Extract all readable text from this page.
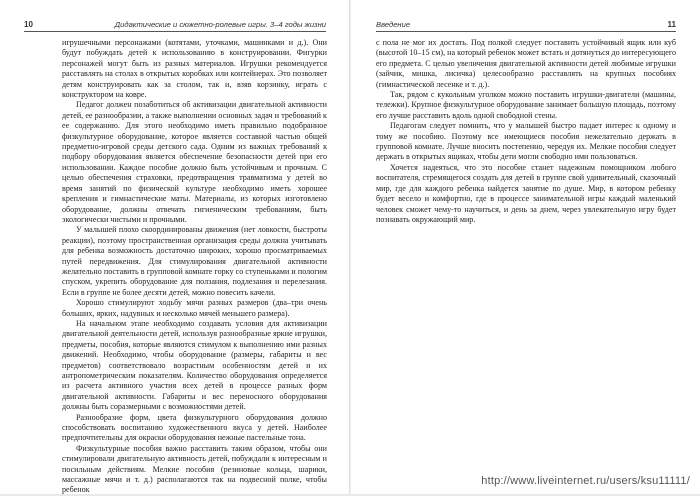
10	Дидактические и сюжетно-ролевые игры. 3–4 годы жизни

игрушечными персонажами (котятами, уточками, машинками и д.). Они будут побуждать детей к использованию в конструировании. Фигурки персонажей могут быть из разных материалов. Игрушки рекомендуется расставлять на столах в открытых коробках или контейнерах. Это позволяет детям конструировать как за столом, так и, взяв корзинку, играть с конструктором на ковре.

Педагог должен позаботиться об активизации двигательной активности детей, ее разнообразии, а также выполнении основных задач и требований к ее содержанию. Для этого необходимо иметь правильно подобранное физкультурное оборудование, которое является составной частью общей предметно-игровой среды детского сада. Одним из важных требований к подбору оборудования является обеспечение безопасности детей при его использовании. Каждое пособие должно быть устойчивым и прочным. С целью обеспечения страховки, предотвращения травматизма у детей во время занятий по физической культуре необходимо иметь хорошее крепления и гимнастические маты. Материалы, из которых изготовлено оборудование, должны отвечать гигиеническим требованиям, быть экологически чистыми и прочными.

У малышей плохо скоординированы движения (нет ловкости, быстроты реакции), поэтому пространственная организация среды должна учитывать для ребенка возможность достаточно широких, хорошо просматриваемых путей передвижения. Для стимулирования двигательной активности желательно поставить в групповой комнате горку со ступеньками и пологим спуском, укрепить оборудование для ползания, подлезания и перелезания. Если в группе не более десяти детей, можно повесить качели.

Хорошо стимулируют ходьбу мячи разных размеров (два–три очень больших, ярких, надувных и несколько мячей меньшего размера).

На начальном этапе необходимо создавать условия для активизации двигательной деятельности детей, используя разнообразные яркие игрушки, предметы, пособия, которые являются стимулом к выполнению ими разных движений. Необходимо, чтобы оборудование (размеры, габариты и вес предметов) соответствовало возрастным особенностям детей и их антропометрическим показателям. Количество оборудования определяется из расчета активного участия всех детей в процессе разных форм двигательной активности. Габариты и вес переносного оборудования должны быть соразмерными с возможностями детей.

Разнообразие форм, цвета физкультурного оборудования должно способствовать воспитанию художественного вкуса у детей. Наиболее предпочтительны для окраски оборудования нежные пастельные тона.

Физкультурные пособия важно расставить таким образом, чтобы они стимулировали двигательную активность детей, побуждали к интересным и посильным действиям. Мелкие пособия (резиновые кольца, шарики, массажные мячи и т. д.) располагаются так на подвесной полке, чтобы ребенок

Введение	11

с пола не мог их достать. Под полкой следует поставить устойчивый ящик или куб (высотой 10–15 см), на который ребенок может встать и дотянуться до интересующего его предмета. С целью увеличения двигательной активности детей любимые игрушки (зайчик, мишка, лисичка) целесообразно расставлять на крупных пособиях (гимнастической лесенке и т. д.).

Так, рядом с кукольным уголком можно поставить игрушки-двигатели (машины, тележки). Крупное физкультурное оборудование занимает большую площадь, поэтому его лучше расставить вдоль одной свободной стены.

Педагогам следует помнить, что у малышей быстро падает интерес к одному и тому же пособию. Поэтому все имеющиеся пособия нежелательно держать в групповой комнате. Лучше вносить постепенно, чередуя их. Мелкие пособия следует держать в открытых ящиках, чтобы дети могли свободно ими пользоваться.

Хочется надеяться, что это пособие станет надежным помощником любого воспитателя, стремящегося создать для детей в группе свой удивительный, сказочный мир, где для каждого ребенка найдется занятие по душе. Мир, в котором ребенку будет весело и комфортно, где в процессе занимательной игры каждый маленький человек сможет чему-то научиться, и день за днем, через увлекательную игру будет познавать окружающий мир.

http://www.liveinternet.ru/users/ksu11111/
